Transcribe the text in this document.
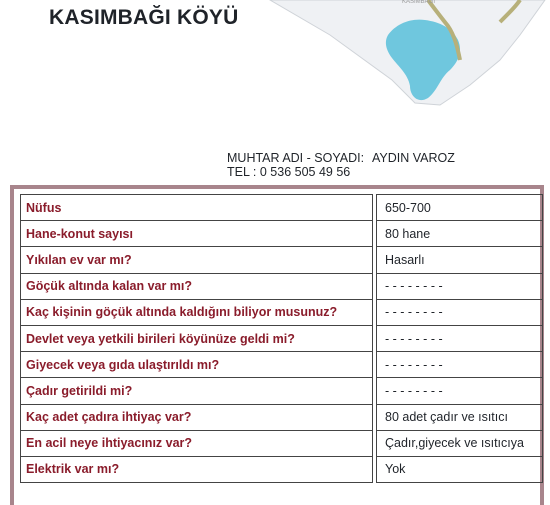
KASIMBAĞI KÖYÜ
KASIMBAĞI
MUHTAR ADI - SOYADI: AYDIN VAROZ
TEL : 0 536 505 49 56
Nüfus		650-700
Hane-konut sayısı		80 hane
Yıkılan ev var mı?		Hasarlı
Göçük altında kalan var mı?		- - - - - - - -
Kaç kişinin göçük altında kaldığını biliyor musunuz?		- - - - - - - -
Devlet veya yetkili birileri köyünüze geldi mi?		- - - - - - - -
Giyecek veya gıda ulaştırıldı mı?		- - - - - - - -
Çadır getirildi mi?		- - - - - - - -
Kaç adet çadıra ihtiyaç var?		80 adet çadır ve ısıtıcı
En acil neye ihtiyacınız var?		Çadır,giyecek ve ısıtıcıya
Elektrik var mı?		Yok
